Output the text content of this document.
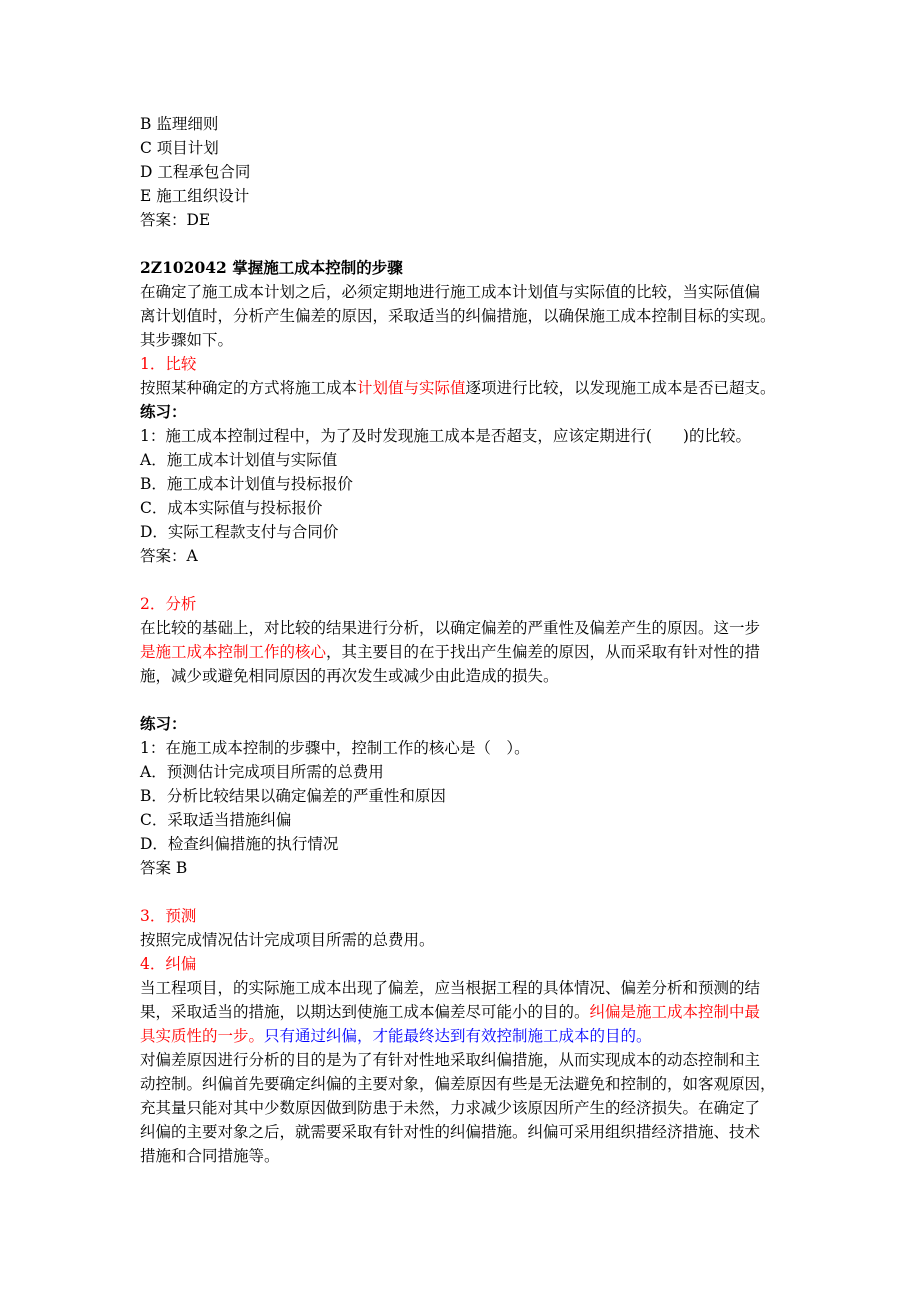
B 监理细则
C 项目计划
D 工程承包合同
E 施工组织设计
答案：DE
2Z102042 掌握施工成本控制的步骤
在确定了施工成本计划之后，必须定期地进行施工成本计划值与实际值的比较，当实际值偏
离计划值时，分析产生偏差的原因，采取适当的纠偏措施，以确保施工成本控制目标的实现。
其步骤如下。
1．比较
按照某种确定的方式将施工成本计划值与实际值逐项进行比较，以发现施工成本是否已超支。
练习：
1：施工成本控制过程中，为了及时发现施工成本是否超支，应该定期进行(　　)的比较。
A．施工成本计划值与实际值
B．施工成本计划值与投标报价
C．成本实际值与投标报价
D．实际工程款支付与合同价
答案：A
2．分析
在比较的基础上，对比较的结果进行分析，以确定偏差的严重性及偏差产生的原因。这一步
是施工成本控制工作的核心，其主要目的在于找出产生偏差的原因，从而采取有针对性的措
施，减少或避免相同原因的再次发生或减少由此造成的损失。
练习：
1：在施工成本控制的步骤中，控制工作的核心是（　）。
A．预测估计完成项目所需的总费用
B．分析比较结果以确定偏差的严重性和原因
C．采取适当措施纠偏
D．检查纠偏措施的执行情况
答案 B
3．预测
按照完成情况估计完成项目所需的总费用。
4．纠偏
当工程项目，的实际施工成本出现了偏差，应当根据工程的具体情况、偏差分析和预测的结
果，采取适当的措施，以期达到使施工成本偏差尽可能小的目的。纠偏是施工成本控制中最
具实质性的一步。只有通过纠偏，才能最终达到有效控制施工成本的目的。
对偏差原因进行分析的目的是为了有针对性地采取纠偏措施，从而实现成本的动态控制和主
动控制。纠偏首先要确定纠偏的主要对象，偏差原因有些是无法避免和控制的，如客观原因，
充其量只能对其中少数原因做到防患于未然，力求减少该原因所产生的经济损失。在确定了
纠偏的主要对象之后，就需要采取有针对性的纠偏措施。纠偏可采用组织措经济措施、技术
措施和合同措施等。
